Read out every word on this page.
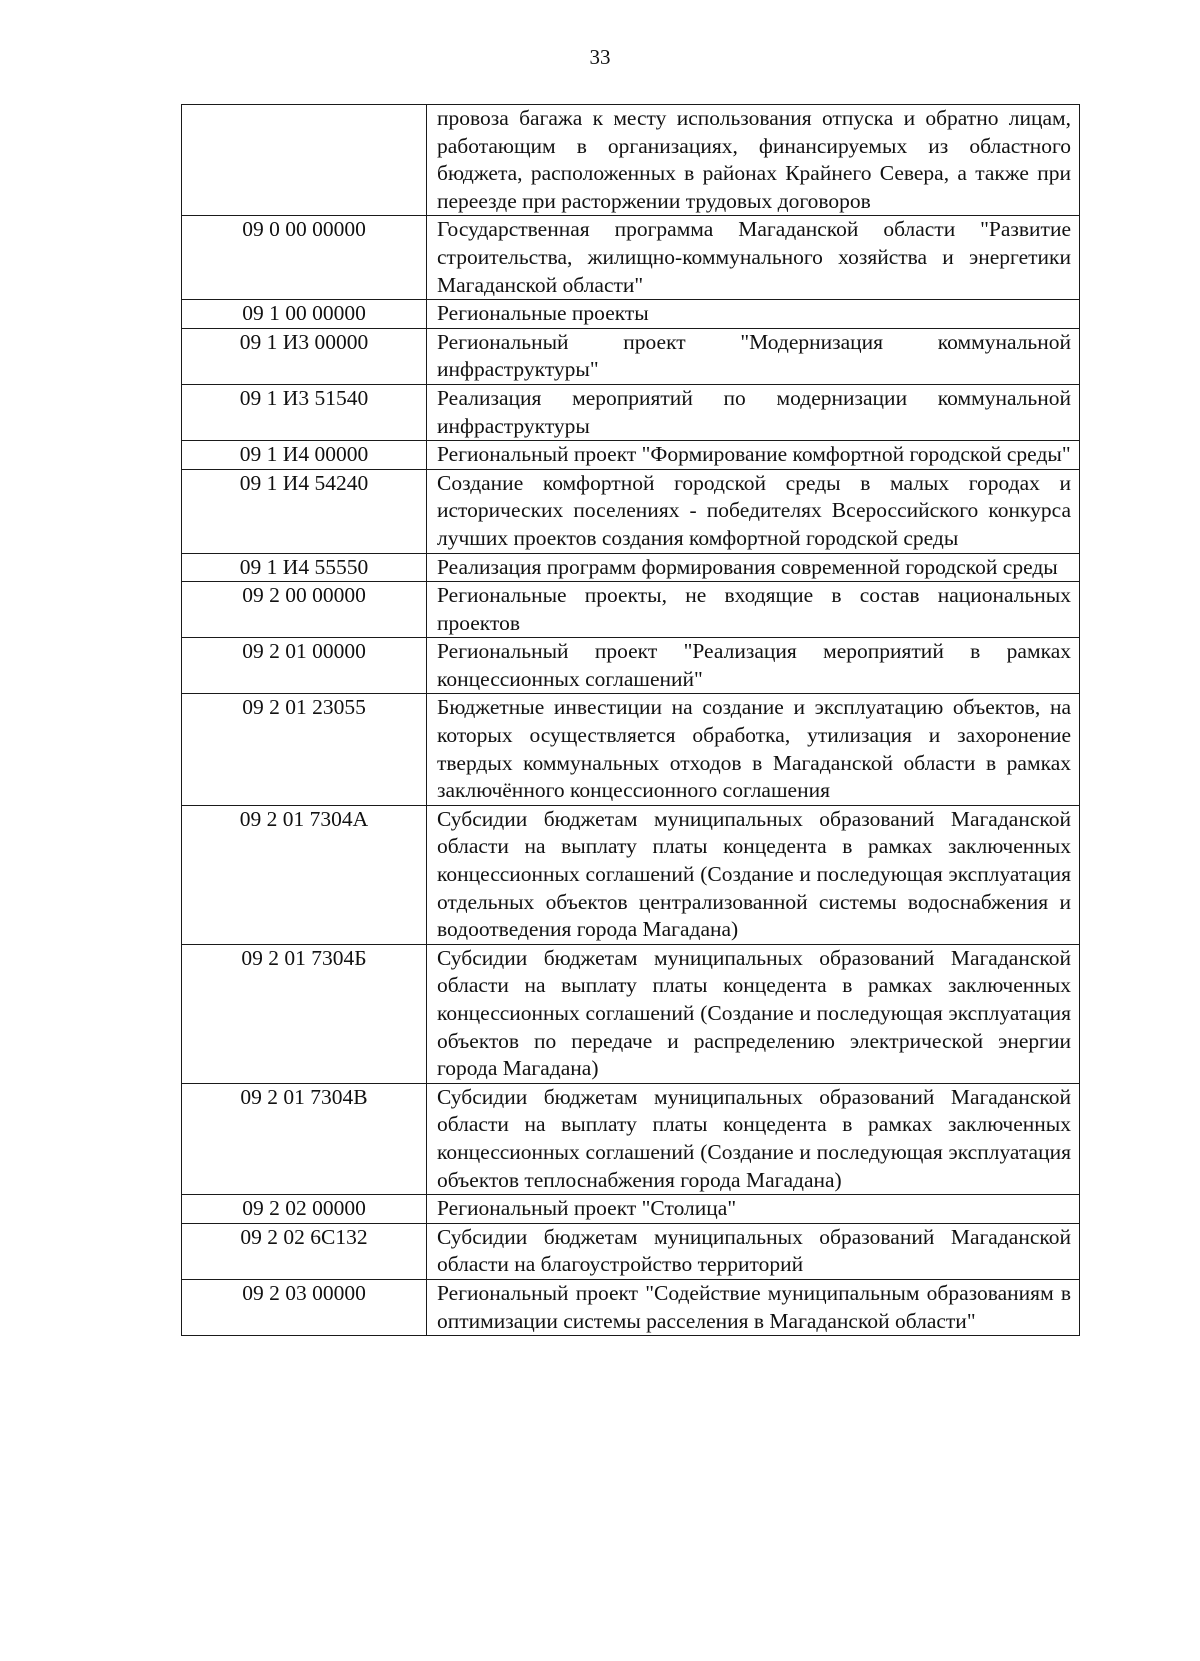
33
	провоза багажа к месту использования отпуска и обратно лицам, работающим в организациях, финансируемых из областного бюджета, расположенных в районах Крайнего Севера, а также при переезде при расторжении трудовых договоров
09 0 00 00000	Государственная программа Магаданской области "Развитие строительства, жилищно-коммунального хозяйства и энергетики Магаданской области"
09 1 00 00000	Региональные проекты
09 1 И3 00000	Региональный проект "Модернизация коммунальной инфраструктуры"
09 1 И3 51540	Реализация мероприятий по модернизации коммунальной инфраструктуры
09 1 И4 00000	Региональный проект "Формирование комфортной городской среды"
09 1 И4 54240	Создание комфортной городской среды в малых городах и исторических поселениях - победителях Всероссийского конкурса лучших проектов создания комфортной городской среды
09 1 И4 55550	Реализация программ формирования современной городской среды
09 2 00 00000	Региональные проекты, не входящие в состав национальных проектов
09 2 01 00000	Региональный проект "Реализация мероприятий в рамках концессионных соглашений"
09 2 01 23055	Бюджетные инвестиции на создание и эксплуатацию объектов, на которых осуществляется обработка, утилизация и захоронение твердых коммунальных отходов в Магаданской области в рамках заключённого концессионного соглашения
09 2 01 7304А	Субсидии бюджетам муниципальных образований Магаданской области на выплату платы концедента в рамках заключенных концессионных соглашений (Создание и последующая эксплуатация отдельных объектов централизованной системы водоснабжения и водоотведения города Магадана)
09 2 01 7304Б	Субсидии бюджетам муниципальных образований Магаданской области на выплату платы концедента в рамках заключенных концессионных соглашений (Создание и последующая эксплуатация объектов по передаче и распределению электрической энергии города Магадана)
09 2 01 7304В	Субсидии бюджетам муниципальных образований Магаданской области на выплату платы концедента в рамках заключенных концессионных соглашений (Создание и последующая эксплуатация объектов теплоснабжения города Магадана)
09 2 02 00000	Региональный проект "Столица"
09 2 02 6С132	Субсидии бюджетам муниципальных образований Магаданской области на благоустройство территорий
09 2 03 00000	Региональный проект "Содействие муниципальным образованиям в оптимизации системы расселения в Магаданской области"
